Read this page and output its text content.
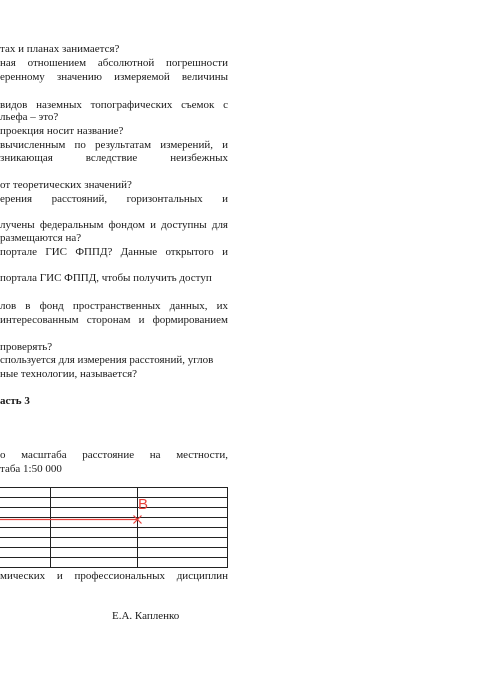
тах и планах занимается?
ная отношением абсолютной погрешности
еренному значению измеряемой величины
видов наземных топографических съемок с
льефа – это?
проекция носит название?
вычисленным по результатам измерений, и
зникающая вследствие неизбежных
от теоретических значений?
ерения расстояний, горизонтальных и
лучены федеральным фондом и доступны для
размещаются на?
портале ГИС ФППД? Данные открытого и
портала ГИС ФППД, чтобы получить доступ
лов в фонд пространственных данных, их
интересованным сторонам и формированием
проверять?
спользуется для измерения расстояний, углов
ные технологии, называется?
асть 3
о масштаба расстояние на местности,
таба 1:50 000
B
мических и профессиональных дисциплин
Е.А. Капленко
